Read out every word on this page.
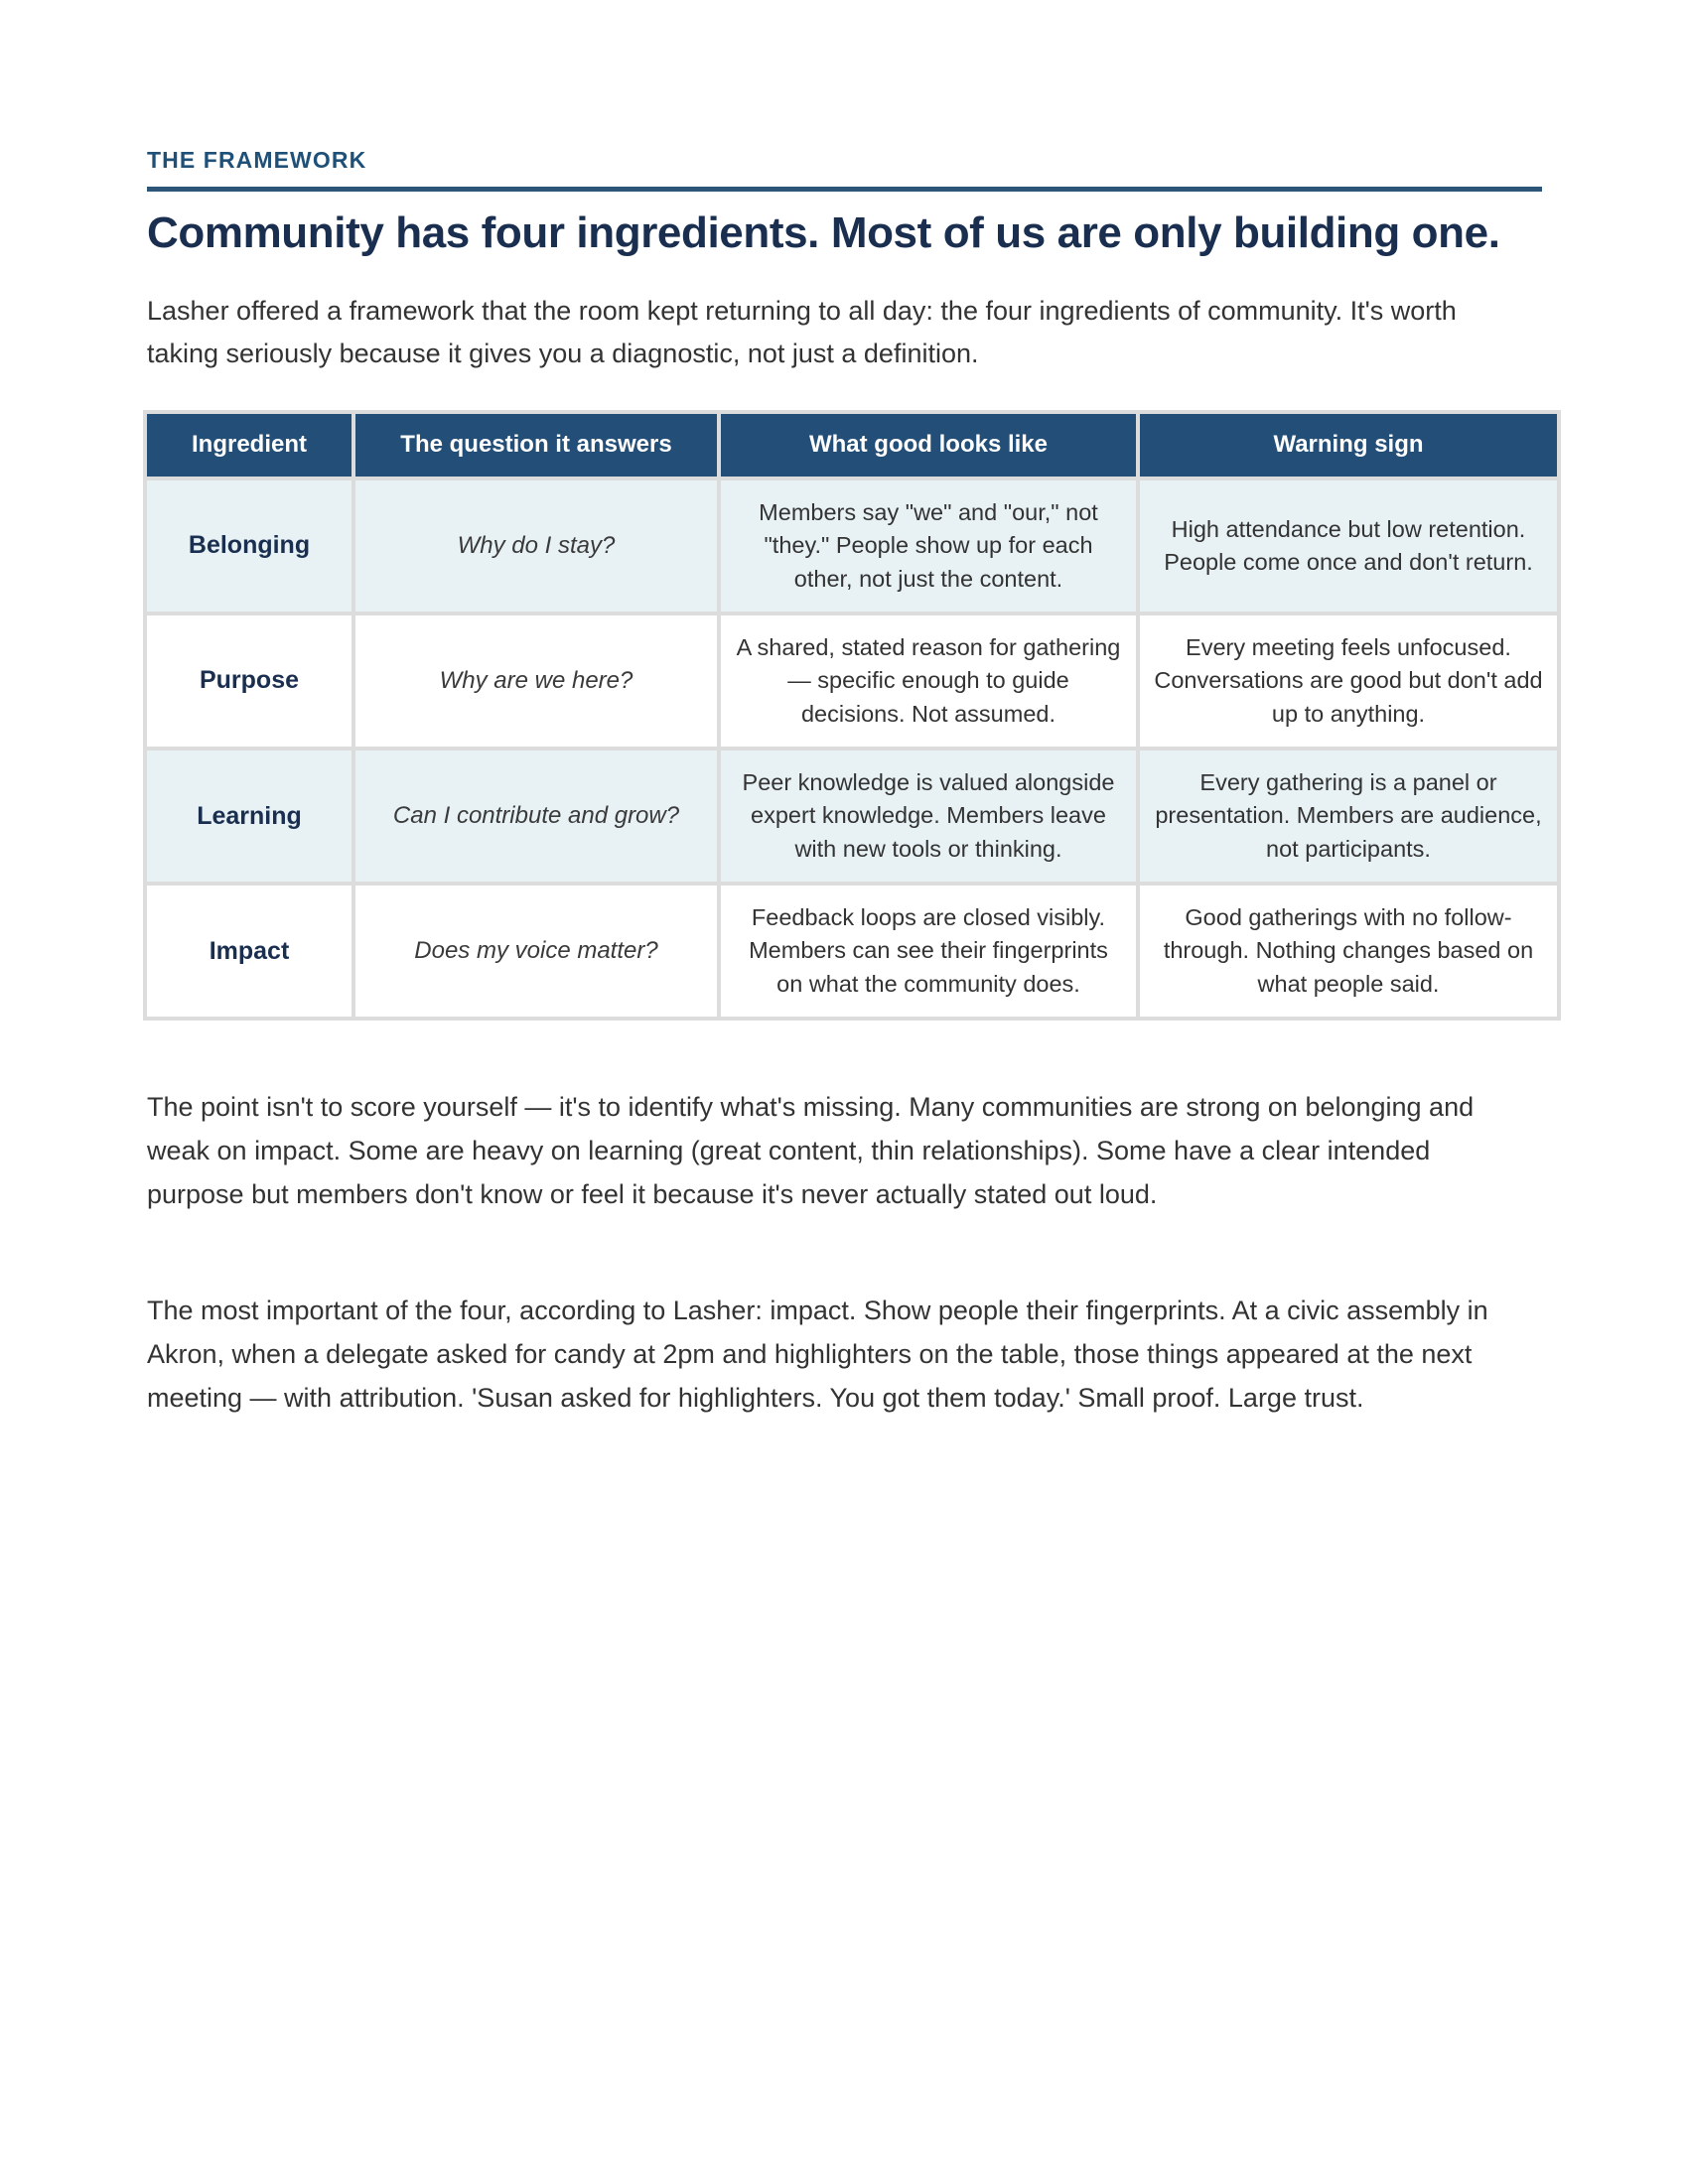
THE FRAMEWORK
Community has four ingredients. Most of us are only building one.

Lasher offered a framework that the room kept returning to all day: the four ingredients of community. It's worth taking seriously because it gives you a diagnostic, not just a definition.

Ingredient	The question it answers	What good looks like	Warning sign
Belonging	Why do I stay?	Members say "we" and "our," not "they." People show up for each other, not just the content.	High attendance but low retention. People come once and don't return.
Purpose	Why are we here?	A shared, stated reason for gathering — specific enough to guide decisions. Not assumed.	Every meeting feels unfocused. Conversations are good but don't add up to anything.
Learning	Can I contribute and grow?	Peer knowledge is valued alongside expert knowledge. Members leave with new tools or thinking.	Every gathering is a panel or presentation. Members are audience, not participants.
Impact	Does my voice matter?	Feedback loops are closed visibly. Members can see their fingerprints on what the community does.	Good gatherings with no follow-through. Nothing changes based on what people said.

The point isn't to score yourself — it's to identify what's missing. Many communities are strong on belonging and weak on impact. Some are heavy on learning (great content, thin relationships). Some have a clear intended purpose but members don't know or feel it because it's never actually stated out loud.

The most important of the four, according to Lasher: impact. Show people their fingerprints. At a civic assembly in Akron, when a delegate asked for candy at 2pm and highlighters on the table, those things appeared at the next meeting — with attribution. 'Susan asked for highlighters. You got them today.' Small proof. Large trust.
